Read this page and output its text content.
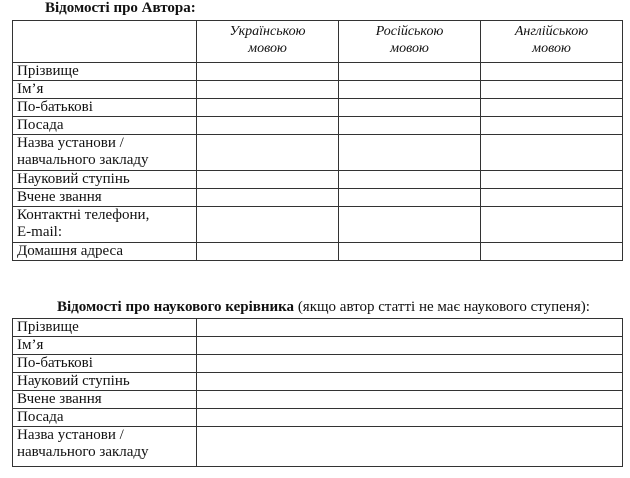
Відомості про Автора:
	Українською мовою	Російською мовою	Англійською мовою
Прізвище			
Ім’я			
По-батькові			
Посада			

Назва установи /
навчального закладу			

Науковий ступінь			
Вчене звання			

Контактні телефони,
E-mail:			

Домашня адреса			
Відомості про наукового керівника (якщо автор статті не має наукового ступеня):
Прізвище	
Ім’я	
По-батькові	
Науковий ступінь	
Вчене звання	
Посада	

Назва установи /
навчального закладу	
